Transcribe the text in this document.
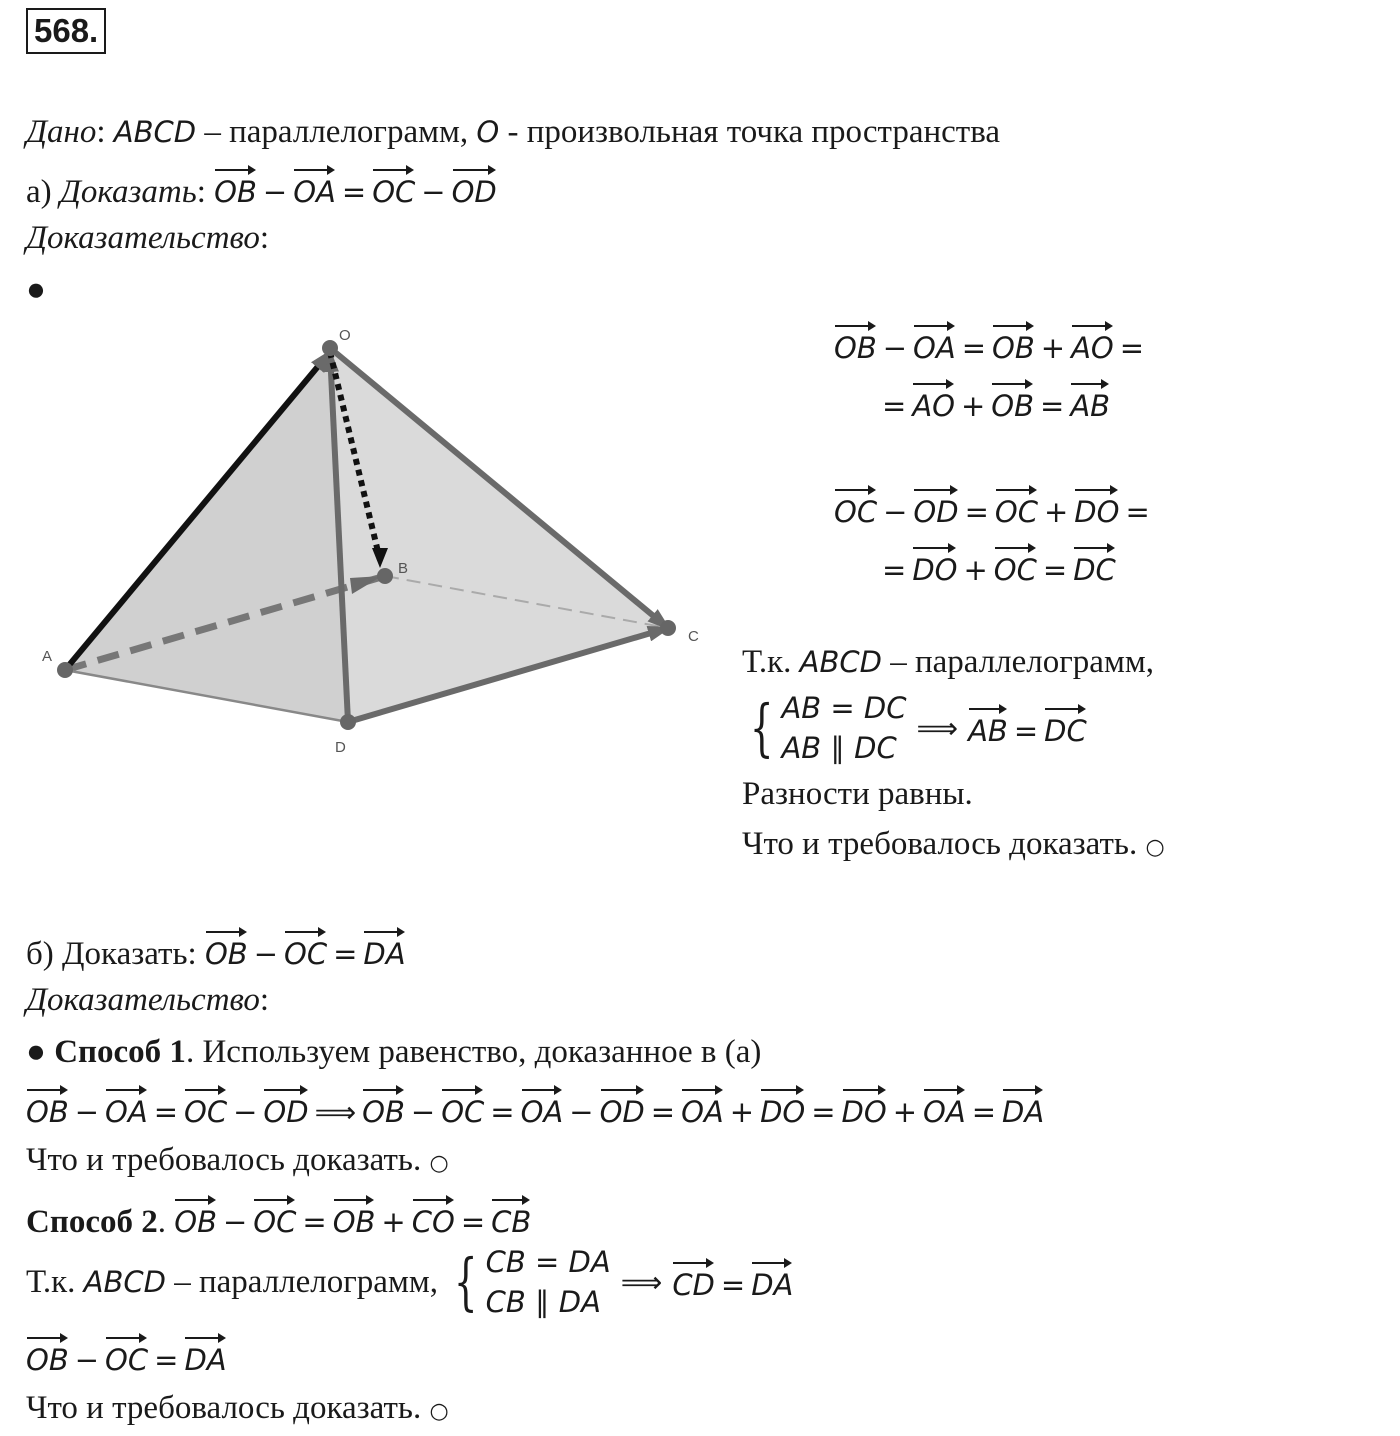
568.
Дано: ABCD – параллелограмм, O - произвольная точка пространства
а) Доказать: OB − OA = OC − OD
Доказательство:
●
O
A
B
C
D
OB − OA = OB + AO =
= AO + OB = AB
OC − OD = OC + DO =
= DO + OC = DC
Т.к. ABCD – параллелограмм,
{ AB = DC
AB ∥ DC
⟹ AB = DC
Разности равны.
Что и требовалось доказать. ○
б) Доказать: OB − OC = DA
Доказательство:
● Способ 1. Используем равенство, доказанное в (а)
OB − OA = OC − OD ⟹ OB − OC = OA − OD = OA + DO = DO + OA = DA
Что и требовалось доказать. ○
Способ 2. OB − OC = OB + CO = CB
Т.к. ABCD – параллелограмм, { CB = DA
CB ∥ DA
⟹ CD = DA
OB − OC = DA
Что и требовалось доказать. ○
